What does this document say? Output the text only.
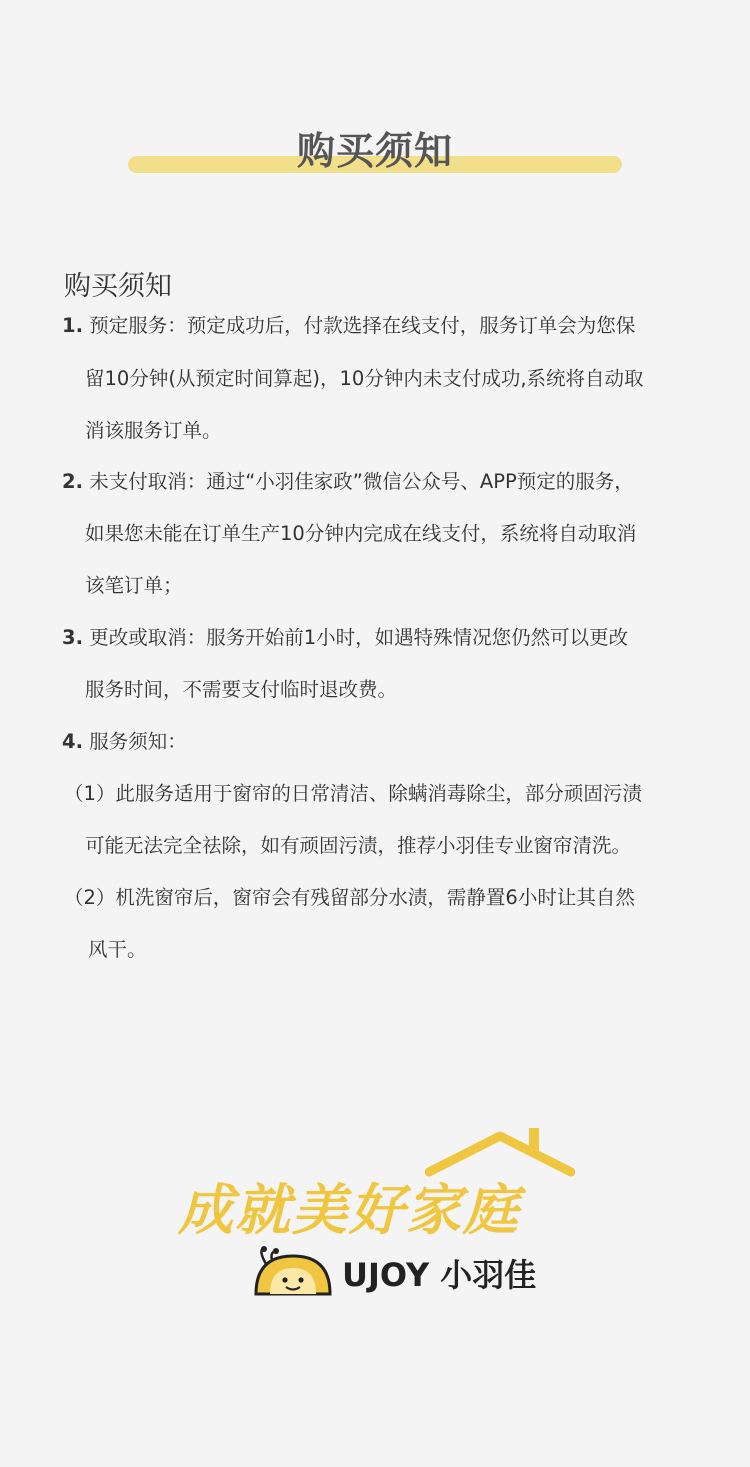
购买须知
购买须知
1. 预定服务：预定成功后，付款选择在线支付，服务订单会为您保
留10分钟(从预定时间算起)，10分钟内未支付成功,系统将自动取
消该服务订单。
2. 未支付取消：通过“小羽佳家政”微信公众号、APP预定的服务，
如果您未能在订单生产10分钟内完成在线支付，系统将自动取消
该笔订单；
3. 更改或取消：服务开始前1小时，如遇特殊情况您仍然可以更改
服务时间，不需要支付临时退改费。
4. 服务须知：
（1）此服务适用于窗帘的日常清洁、除螨消毒除尘，部分顽固污渍
可能无法完全祛除，如有顽固污渍，推荐小羽佳专业窗帘清洗。
（2）机洗窗帘后，窗帘会有残留部分水渍，需静置6小时让其自然
风干。
成就美好家庭
UJOY 小羽佳
